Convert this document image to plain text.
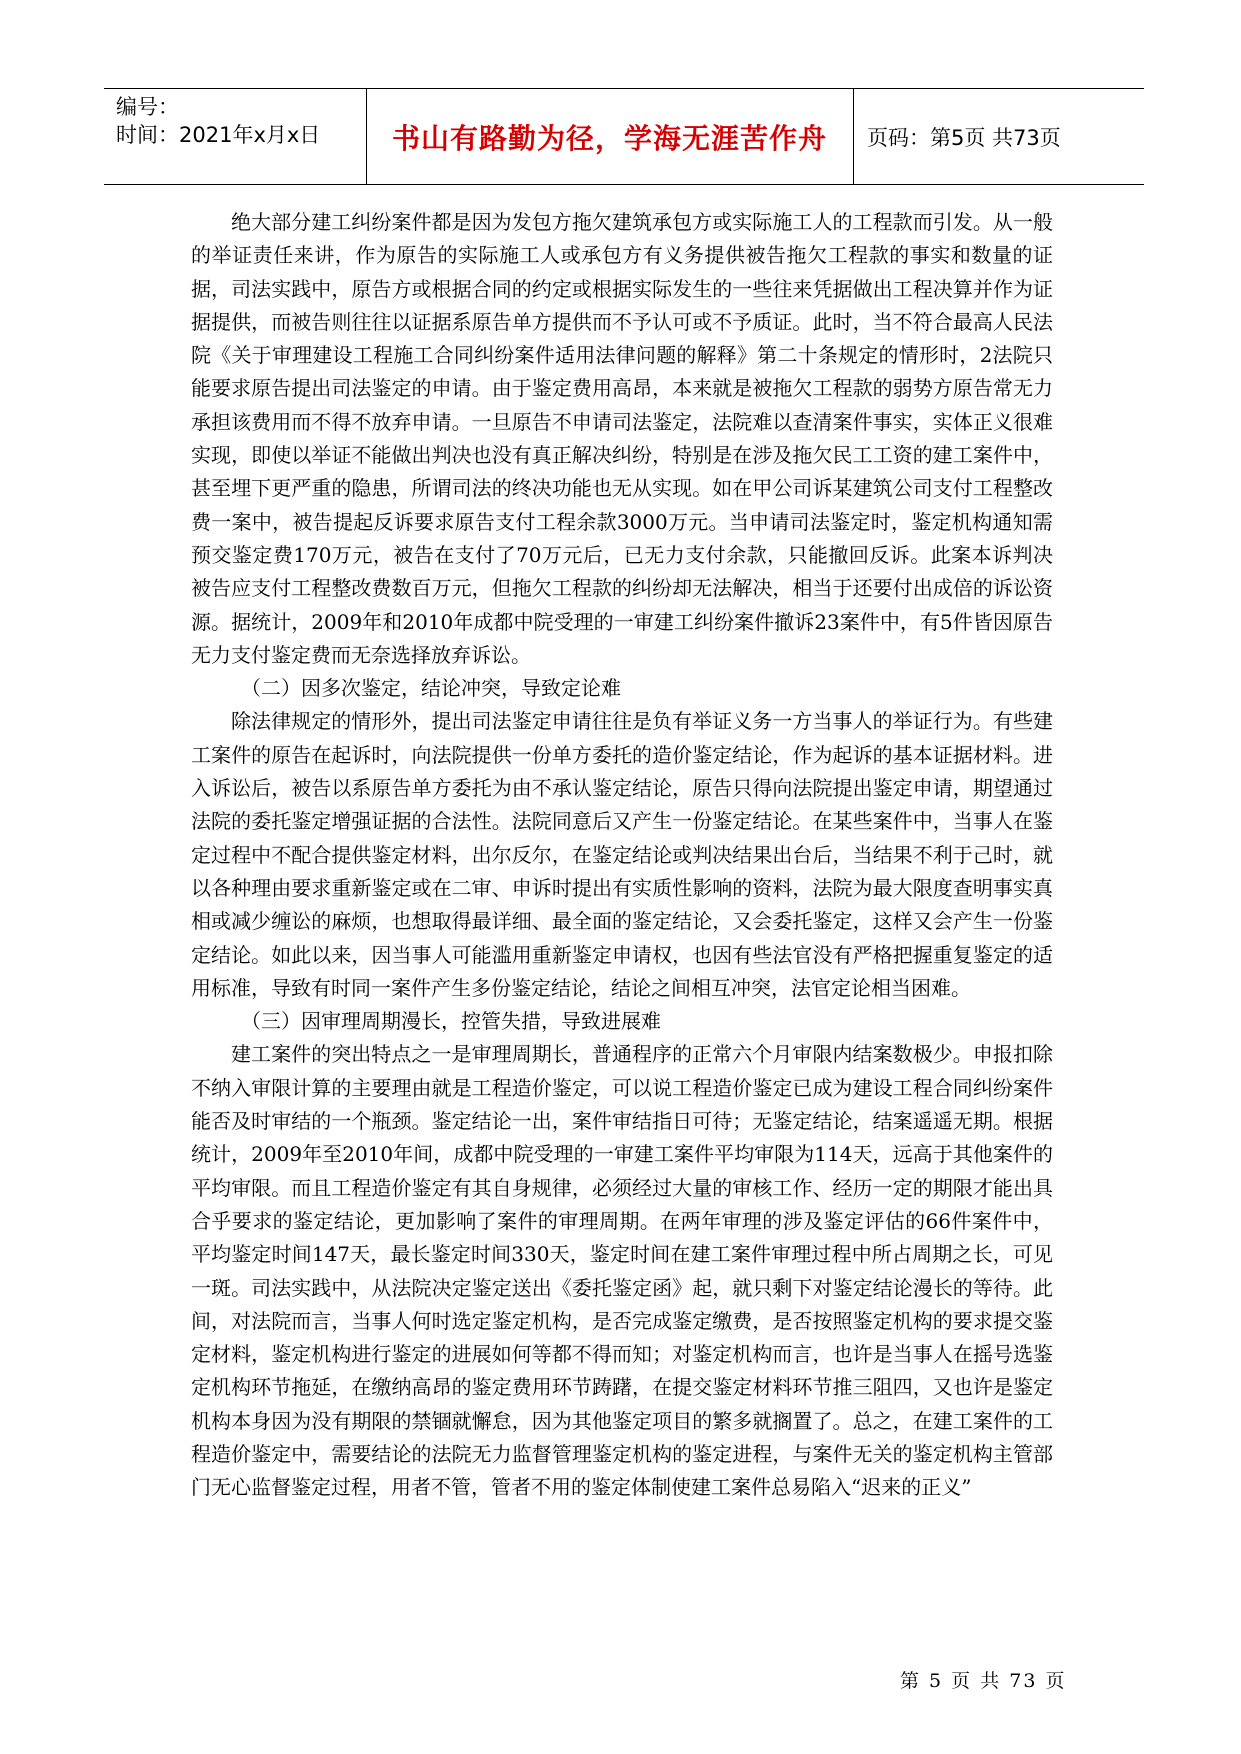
编号：
时间：2021年x月x日	书山有路勤为径，学海无涯苦作舟 页码：第5页 共73页

绝大部分建工纠纷案件都是因为发包方拖欠建筑承包方或实际施工人的工程款而引发。从一般的举证责任来讲，作为原告的实际施工人或承包方有义务提供被告拖欠工程款的事实和数量的证据，司法实践中，原告方或根据合同的约定或根据实际发生的一些往来凭据做出工程决算并作为证据提供，而被告则往往以证据系原告单方提供而不予认可或不予质证。此时，当不符合最高人民法院《关于审理建设工程施工合同纠纷案件适用法律问题的解释》第二十条规定的情形时，2法院只能要求原告提出司法鉴定的申请。由于鉴定费用高昂，本来就是被拖欠工程款的弱势方原告常无力承担该费用而不得不放弃申请。一旦原告不申请司法鉴定，法院难以查清案件事实，实体正义很难实现，即使以举证不能做出判决也没有真正解决纠纷，特别是在涉及拖欠民工工资的建工案件中，甚至埋下更严重的隐患，所谓司法的终决功能也无从实现。如在甲公司诉某建筑公司支付工程整改费一案中，被告提起反诉要求原告支付工程余款3000万元。当申请司法鉴定时，鉴定机构通知需预交鉴定费170万元，被告在支付了70万元后，已无力支付余款，只能撤回反诉。此案本诉判决被告应支付工程整改费数百万元，但拖欠工程款的纠纷却无法解决，相当于还要付出成倍的诉讼资源。据统计，2009年和2010年成都中院受理的一审建工纠纷案件撤诉23案件中，有5件皆因原告无力支付鉴定费而无奈选择放弃诉讼。

（二）因多次鉴定，结论冲突，导致定论难

除法律规定的情形外，提出司法鉴定申请往往是负有举证义务一方当事人的举证行为。有些建工案件的原告在起诉时，向法院提供一份单方委托的造价鉴定结论，作为起诉的基本证据材料。进入诉讼后，被告以系原告单方委托为由不承认鉴定结论，原告只得向法院提出鉴定申请，期望通过法院的委托鉴定增强证据的合法性。法院同意后又产生一份鉴定结论。在某些案件中，当事人在鉴定过程中不配合提供鉴定材料，出尔反尔，在鉴定结论或判决结果出台后，当结果不利于己时，就以各种理由要求重新鉴定或在二审、申诉时提出有实质性影响的资料，法院为最大限度查明事实真相或减少缠讼的麻烦，也想取得最详细、最全面的鉴定结论，又会委托鉴定，这样又会产生一份鉴定结论。如此以来，因当事人可能滥用重新鉴定申请权，也因有些法官没有严格把握重复鉴定的适用标准，导致有时同一案件产生多份鉴定结论，结论之间相互冲突，法官定论相当困难。

（三）因审理周期漫长，控管失措，导致进展难

建工案件的突出特点之一是审理周期长，普通程序的正常六个月审限内结案数极少。申报扣除不纳入审限计算的主要理由就是工程造价鉴定，可以说工程造价鉴定已成为建设工程合同纠纷案件能否及时审结的一个瓶颈。鉴定结论一出，案件审结指日可待；无鉴定结论，结案遥遥无期。根据统计，2009年至2010年间，成都中院受理的一审建工案件平均审限为114天，远高于其他案件的平均审限。而且工程造价鉴定有其自身规律，必须经过大量的审核工作、经历一定的期限才能出具合乎要求的鉴定结论，更加影响了案件的审理周期。在两年审理的涉及鉴定评估的66件案件中，平均鉴定时间147天，最长鉴定时间330天，鉴定时间在建工案件审理过程中所占周期之长，可见一斑。司法实践中，从法院决定鉴定送出《委托鉴定函》起，就只剩下对鉴定结论漫长的等待。此间，对法院而言，当事人何时选定鉴定机构，是否完成鉴定缴费，是否按照鉴定机构的要求提交鉴定材料，鉴定机构进行鉴定的进展如何等都不得而知；对鉴定机构而言，也许是当事人在摇号选鉴定机构环节拖延，在缴纳高昂的鉴定费用环节踌躇，在提交鉴定材料环节推三阻四，又也许是鉴定机构本身因为没有期限的禁锢就懈怠，因为其他鉴定项目的繁多就搁置了。总之，在建工案件的工程造价鉴定中，需要结论的法院无力监督管理鉴定机构的鉴定进程，与案件无关的鉴定机构主管部门无心监督鉴定过程，用者不管，管者不用的鉴定体制使建工案件总易陷入“迟来的正义”

第 5 页 共 73 页
